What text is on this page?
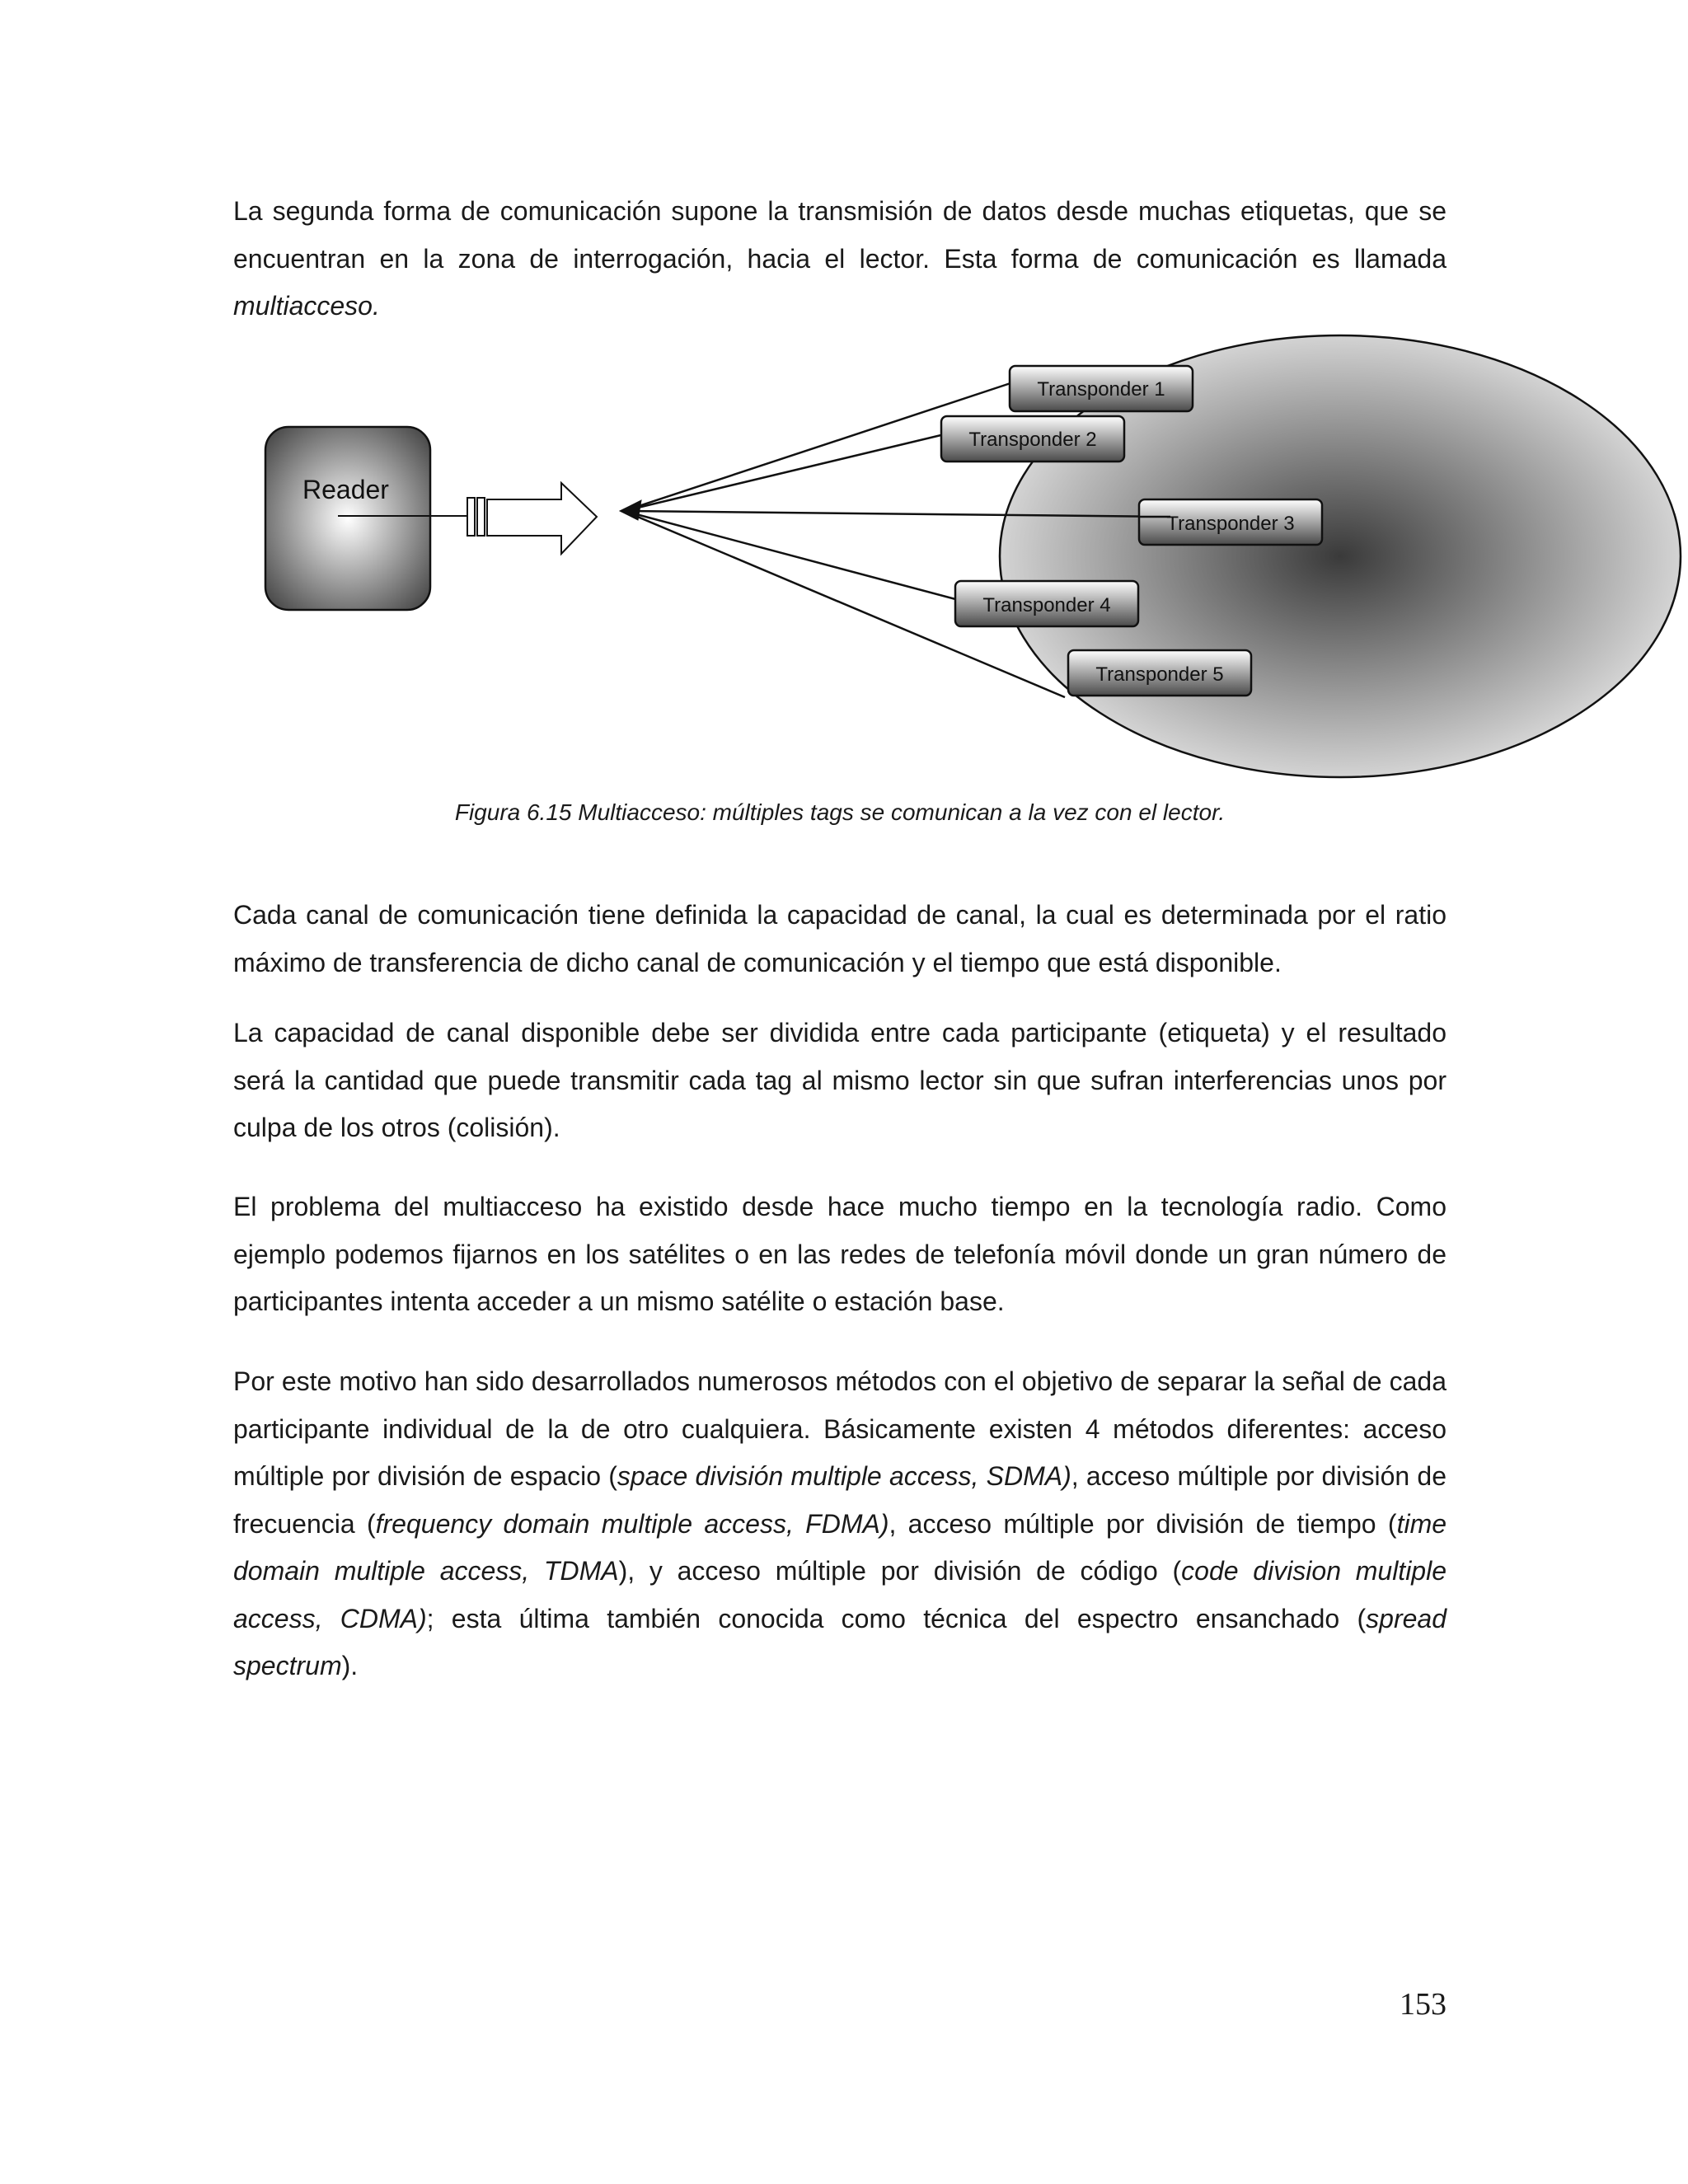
La segunda forma de comunicación supone la transmisión de datos desde muchas etiquetas, que se encuentran en la zona de interrogación, hacia el lector. Esta forma de comunicación es llamada multiacceso.
Reader
Transponder 1
Transponder 2
Transponder 3
Transponder 4
Transponder 5
Figura 6.15 Multiacceso: múltiples tags se comunican a la vez con el lector.
Cada canal de comunicación tiene definida la capacidad de canal, la cual es determinada por el ratio máximo de transferencia de dicho canal de comunicación y el tiempo que está disponible.
La capacidad de canal disponible debe ser dividida entre cada participante (etiqueta) y el resultado será la cantidad que puede transmitir cada tag al mismo lector sin que sufran interferencias unos por culpa de los otros (colisión).
El problema del multiacceso ha existido desde hace mucho tiempo en la tecnología radio. Como ejemplo podemos fijarnos en los satélites o en las redes de telefonía móvil donde un gran número de participantes intenta acceder a un mismo satélite o estación base.
Por este motivo han sido desarrollados numerosos métodos con el objetivo de separar la señal de cada participante individual de la de otro cualquiera. Básicamente existen 4 métodos diferentes: acceso múltiple por división de espacio (space división multiple access, SDMA), acceso múltiple por división de frecuencia (frequency domain multiple access, FDMA), acceso múltiple por división de tiempo (time domain multiple access, TDMA), y acceso múltiple por división de código (code division multiple access, CDMA); esta última también conocida como técnica del espectro ensanchado (spread spectrum).
153
